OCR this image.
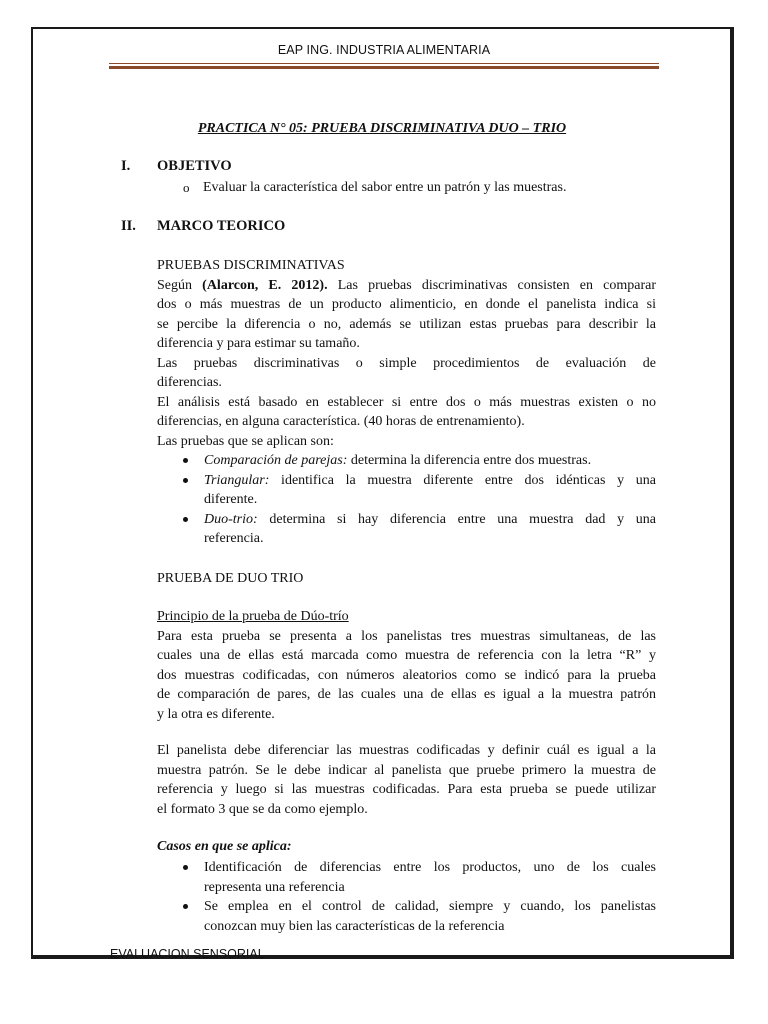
EAP ING. INDUSTRIA ALIMENTARIA
PRACTICA N° 05: PRUEBA DISCRIMINATIVA DUO – TRIO
I. OBJETIVO
o Evaluar la característica del sabor entre un patrón y las muestras.
II. MARCO TEORICO
PRUEBAS DISCRIMINATIVAS
Según (Alarcon, E. 2012). Las pruebas discriminativas consisten en comparar
dos o más muestras de un producto alimenticio, en donde el panelista indica si
se percibe la diferencia o no, además se utilizan estas pruebas para describir la
diferencia y para estimar su tamaño.
Las pruebas discriminativas o simple procedimientos de evaluación de
diferencias.
El análisis está basado en establecer si entre dos o más muestras existen o no
diferencias, en alguna característica. (40 horas de entrenamiento).
Las pruebas que se aplican son:
Comparación de parejas: determina la diferencia entre dos muestras.
Triangular: identifica la muestra diferente entre dos idénticas y una
diferente.
Duo-trio: determina si hay diferencia entre una muestra dad y una
referencia.
PRUEBA DE DUO TRIO
Principio de la prueba de Dúo-trío
Para esta prueba se presenta a los panelistas tres muestras simultaneas, de las
cuales una de ellas está marcada como muestra de referencia con la letra “R” y
dos muestras codificadas, con números aleatorios como se indicó para la prueba
de comparación de pares, de las cuales una de ellas es igual a la muestra patrón
y la otra es diferente.
El panelista debe diferenciar las muestras codificadas y definir cuál es igual a la
muestra patrón. Se le debe indicar al panelista que pruebe primero la muestra de
referencia y luego si las muestras codificadas. Para esta prueba se puede utilizar
el formato 3 que se da como ejemplo.
Casos en que se aplica:
Identificación de diferencias entre los productos, uno de los cuales
representa una referencia
Se emplea en el control de calidad, siempre y cuando, los panelistas
conozcan muy bien las características de la referencia
EVALUACION SENSORIAL
